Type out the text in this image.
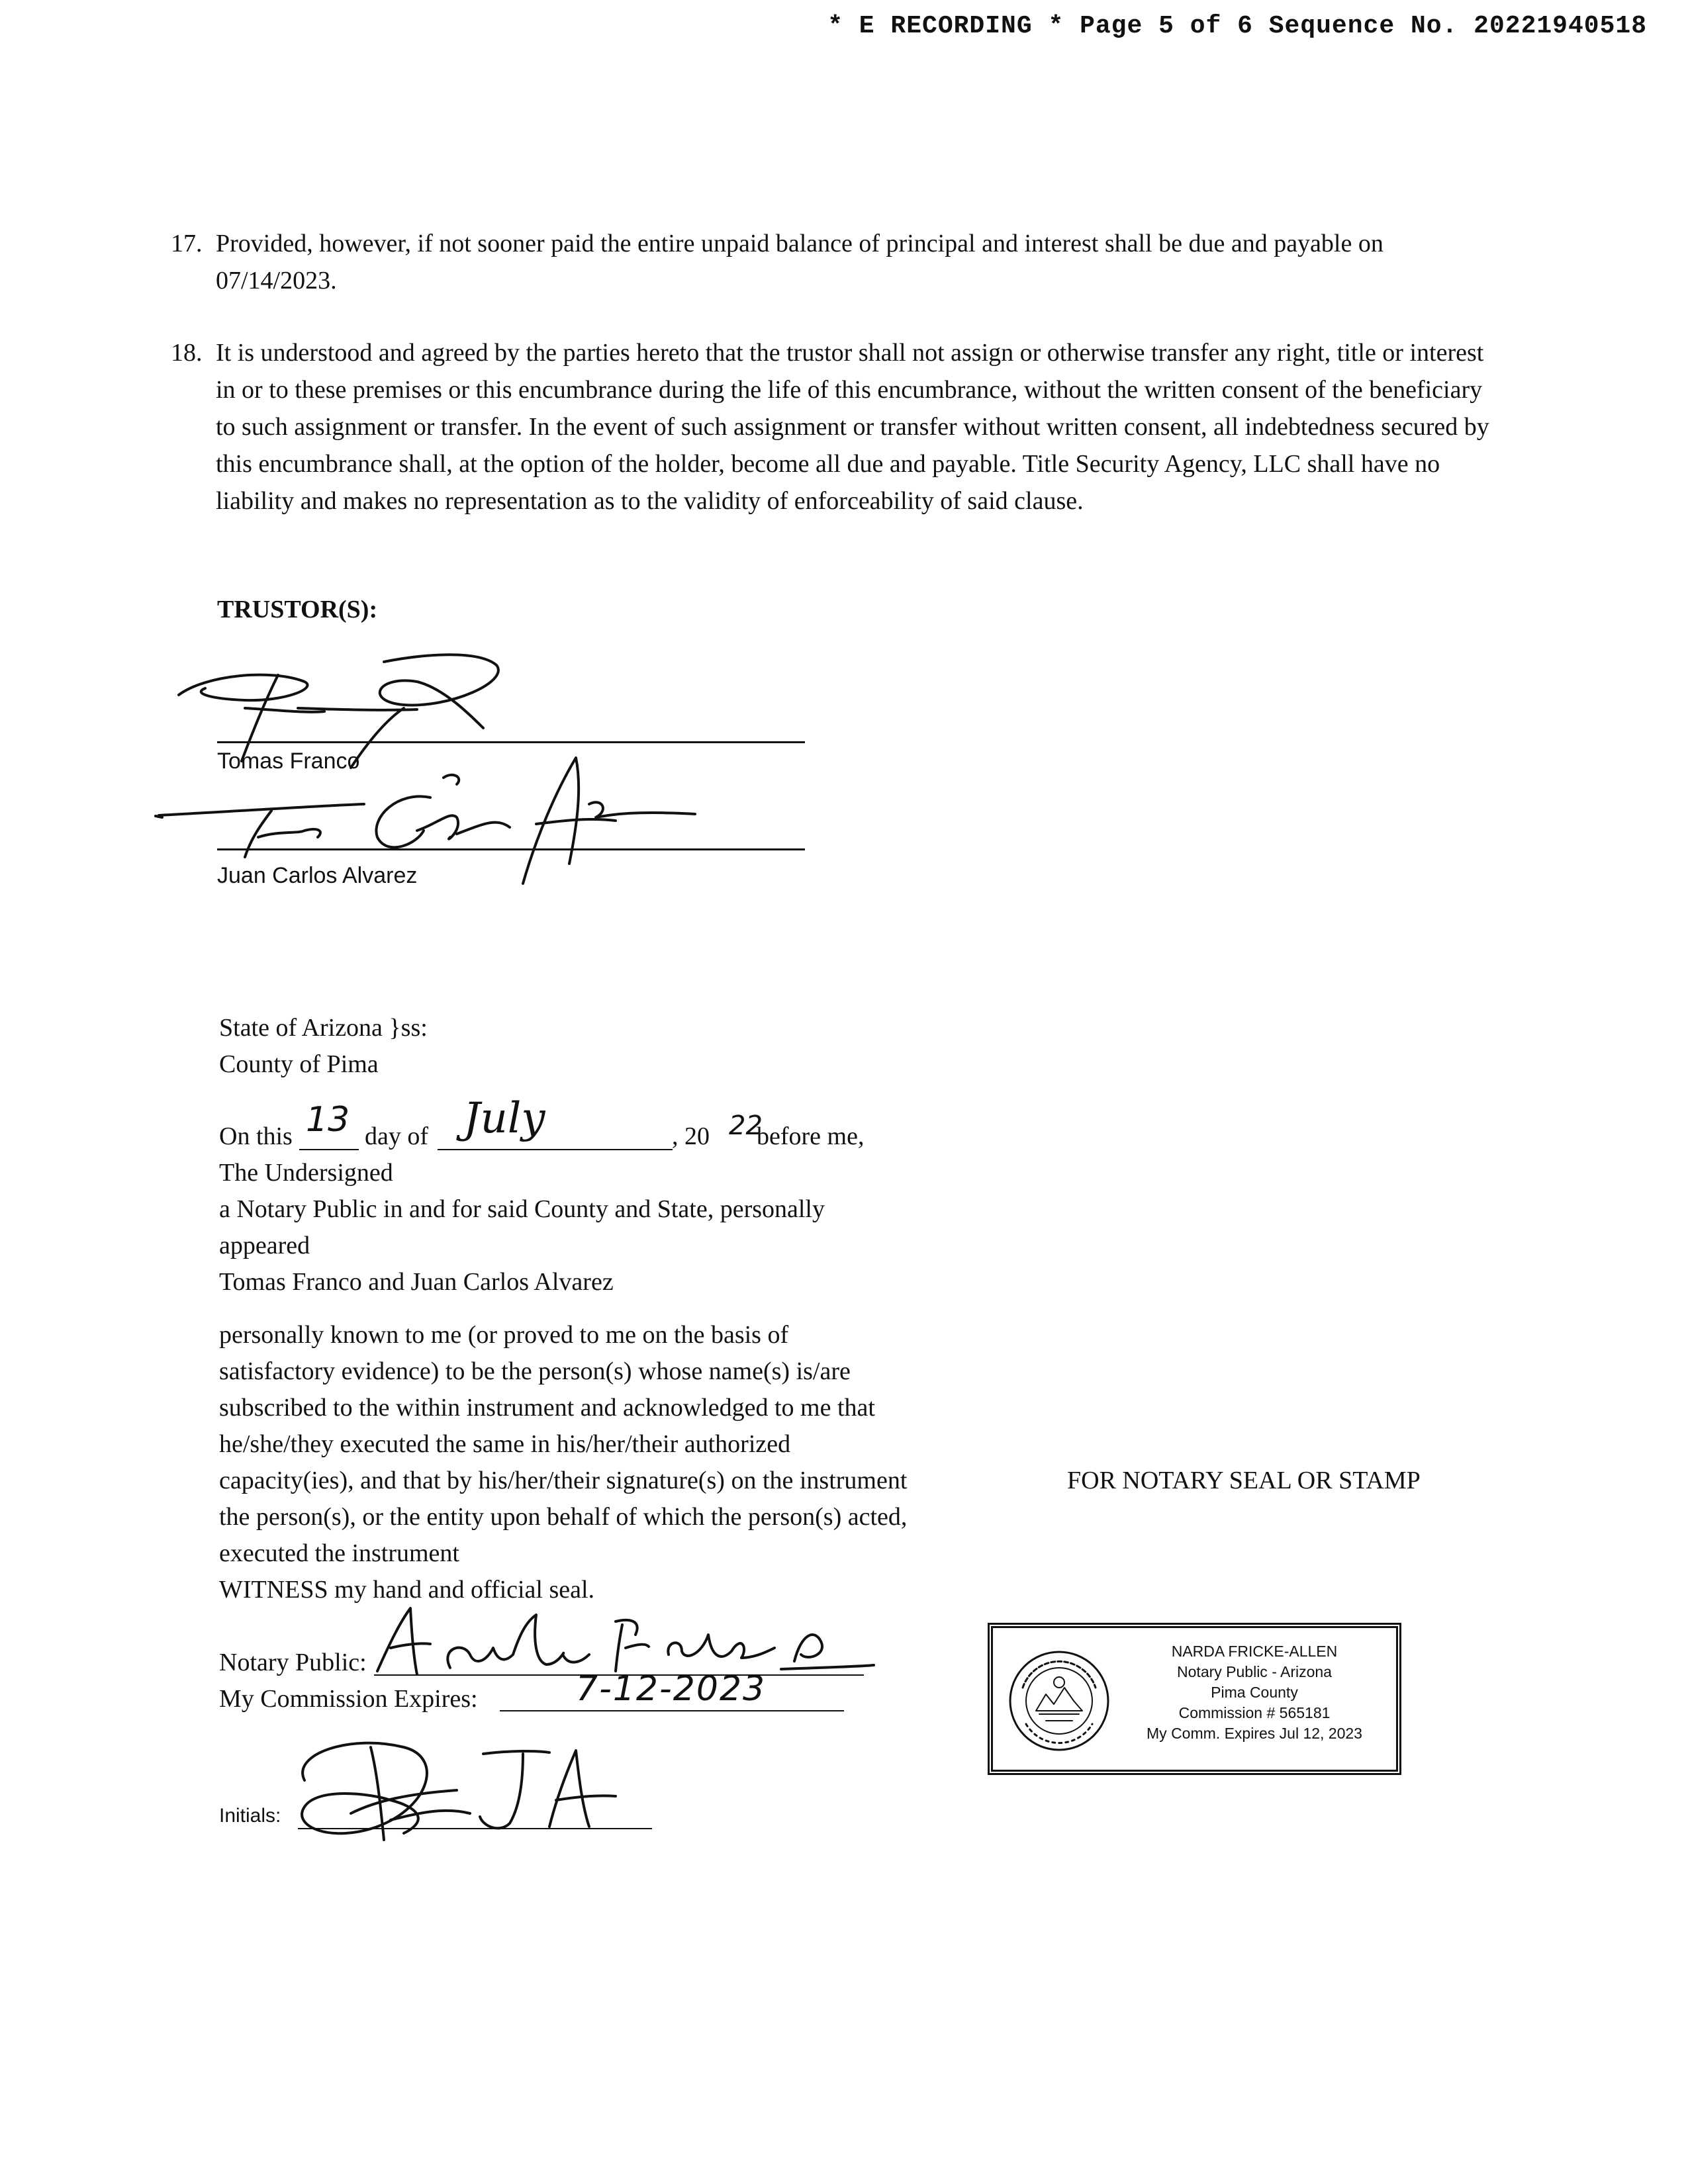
* E RECORDING * Page 5 of 6 Sequence No. 20221940518
17. Provided, however, if not sooner paid the entire unpaid balance of principal and interest shall be due and payable on 07/14/2023.
18. It is understood and agreed by the parties hereto that the trustor shall not assign or otherwise transfer any right, title or interest in or to these premises or this encumbrance during the life of this encumbrance, without the written consent of the beneficiary to such assignment or transfer. In the event of such assignment or transfer without written consent, all indebtedness secured by this encumbrance shall, at the option of the holder, become all due and payable. Title Security Agency, LLC shall have no liability and makes no representation as to the validity of enforceability of said clause.
TRUSTOR(S):
Tomas Franco
Juan Carlos Alvarez
State of Arizona }ss:
County of Pima
On this 13 day of July	, 20 22
before me,
The Undersigned
a Notary Public in and for said County and State, personally
appeared
Tomas Franco and Juan Carlos Alvarez
personally known to me (or proved to me on the basis of
satisfactory evidence) to be the person(s) whose name(s) is/are
subscribed to the within instrument and acknowledged to me that
he/she/they executed the same in his/her/their authorized
capacity(ies), and that by his/her/their signature(s) on the instrument
the person(s), or the entity upon behalf of which the person(s) acted,
executed the instrument
WITNESS my hand and official seal.
FOR NOTARY SEAL OR STAMP
Notary Public:
My Commission Expires:	7-12-2023
Initials:
NARDA FRICKE-ALLEN
Notary Public - Arizona
Pima County
Commission # 565181
My Comm. Expires Jul 12, 2023
